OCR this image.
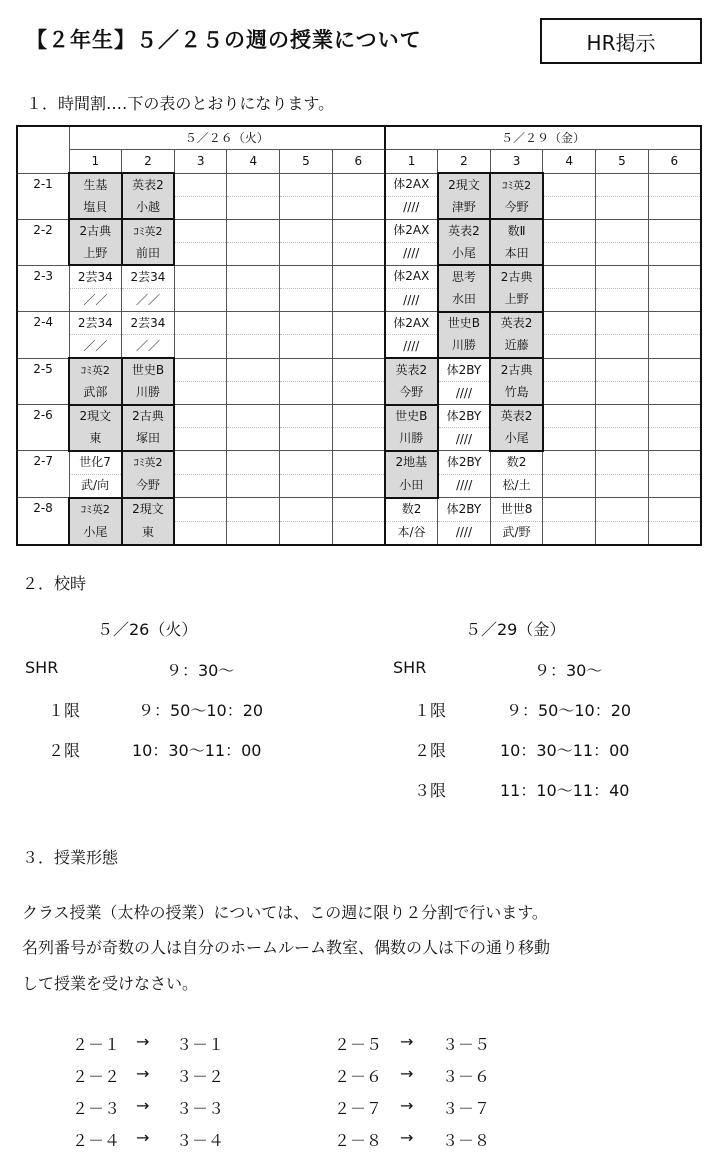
【２年生】５／２５の週の授業について	HR掲示
１．時間割‥‥下の表のとおりになります。
	５／２６（火）						５／２９（金）					
	1	2	3	4	5	6	1	2	3	4	5	6
2-1	生基	英表2					体2AX	2現文	ｺﾐ英2			
	塩貝	小越					////	津野	今野			
2-2	2古典	ｺﾐ英2					体2AX	英表2	数Ⅱ			
	上野	前田					////	小尾	本田			
2-3	2芸34	2芸34					体2AX	思考	2古典			
	／／	／／					////	水田	上野			
2-4	2芸34	2芸34					体2AX	世史B	英表2			
	／／	／／					////	川勝	近藤			
2-5	ｺﾐ英2	世史B					英表2	体2BY	2古典			
	武部	川勝					今野	////	竹島			
2-6	2現文	2古典					世史B	体2BY	英表2			
	東	塚田					川勝	////	小尾			
2-7	世化7	ｺﾐ英2					2地基	体2BY	数2			
	武/向	今野					小田	////	松/土			
2-8	ｺﾐ英2	2現文					数2	体2BY	世世8			
	小尾	東					本/谷	////	武/野			
２．校時
５／26（火）
SHR	９：30～
１限	９：50～10：20
２限	10：30～11：00
５／29（金）
SHR	９：30～
１限	９：50～10：20
２限	10：30～11：00
３限	11：10～11：40
３．授業形態
クラス授業（太枠の授業）については、この週に限り２分割で行います。
名列番号が奇数の人は自分のホームルーム教室、偶数の人は下の通り移動
して授業を受けなさい。
２－１ → ３－１
２－２ → ３－２
２－３ → ３－３
２－４ → ３－４
２－５ → ３－５
２－６ → ３－６
２－７ → ３－７
２－８ → ３－８
